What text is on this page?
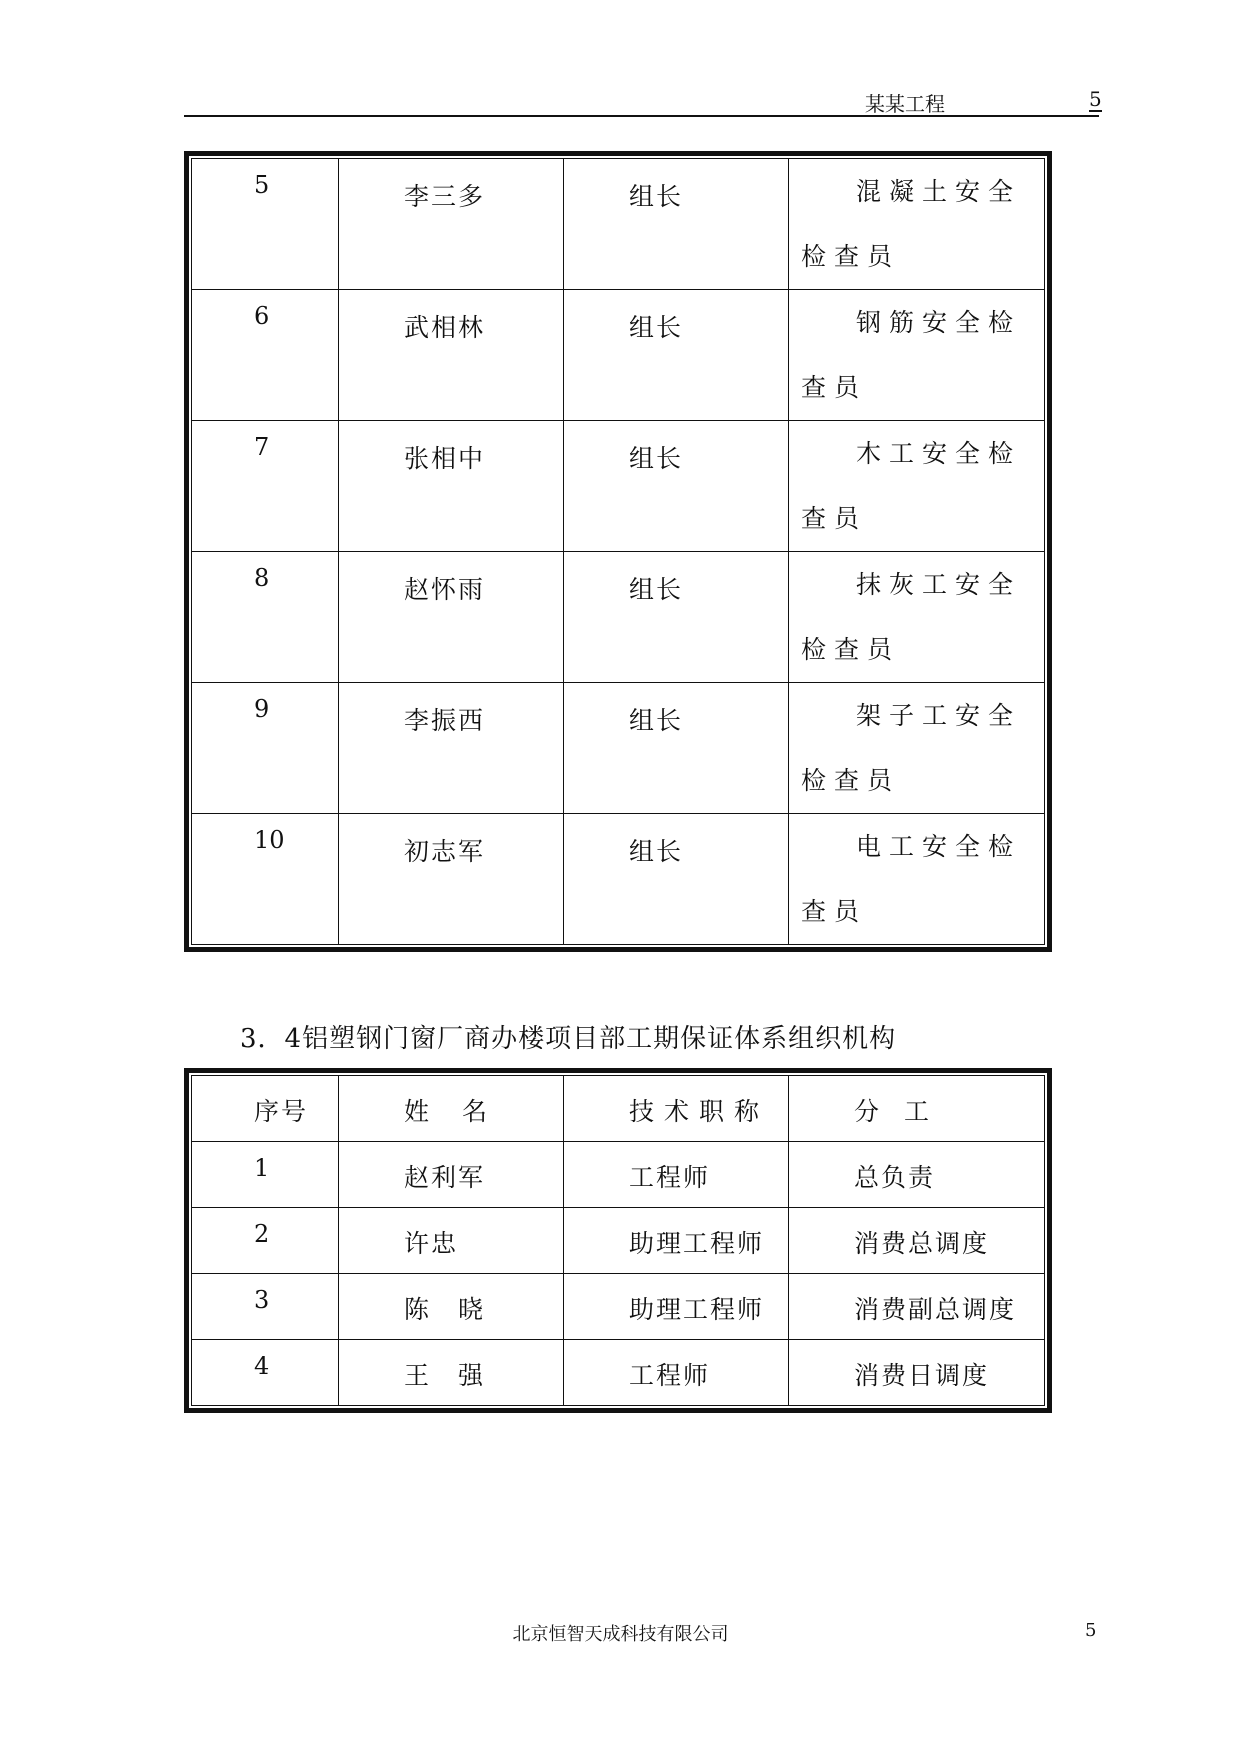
某某工程	5
5	李三多	组长	混凝土安全检查员

6	武相林	组长	钢筋安全检查员

7	张相中	组长	木工安全检查员

8	赵怀雨	组长	抹灰工安全检查员

9	李振西	组长	架子工安全检查员

10	初志军	组长	电工安全检查员
3．4铝塑钢门窗厂商办楼项目部工期保证体系组织机构
序号	姓　 名	技术职称	分　工

1	赵利军	工程师	总负责

2	许忠	助理工程师	消费总调度

3	陈　晓	助理工程师	消费副总调度

4	王　强	工程师	消费日调度
北京恒智天成科技有限公司	5
